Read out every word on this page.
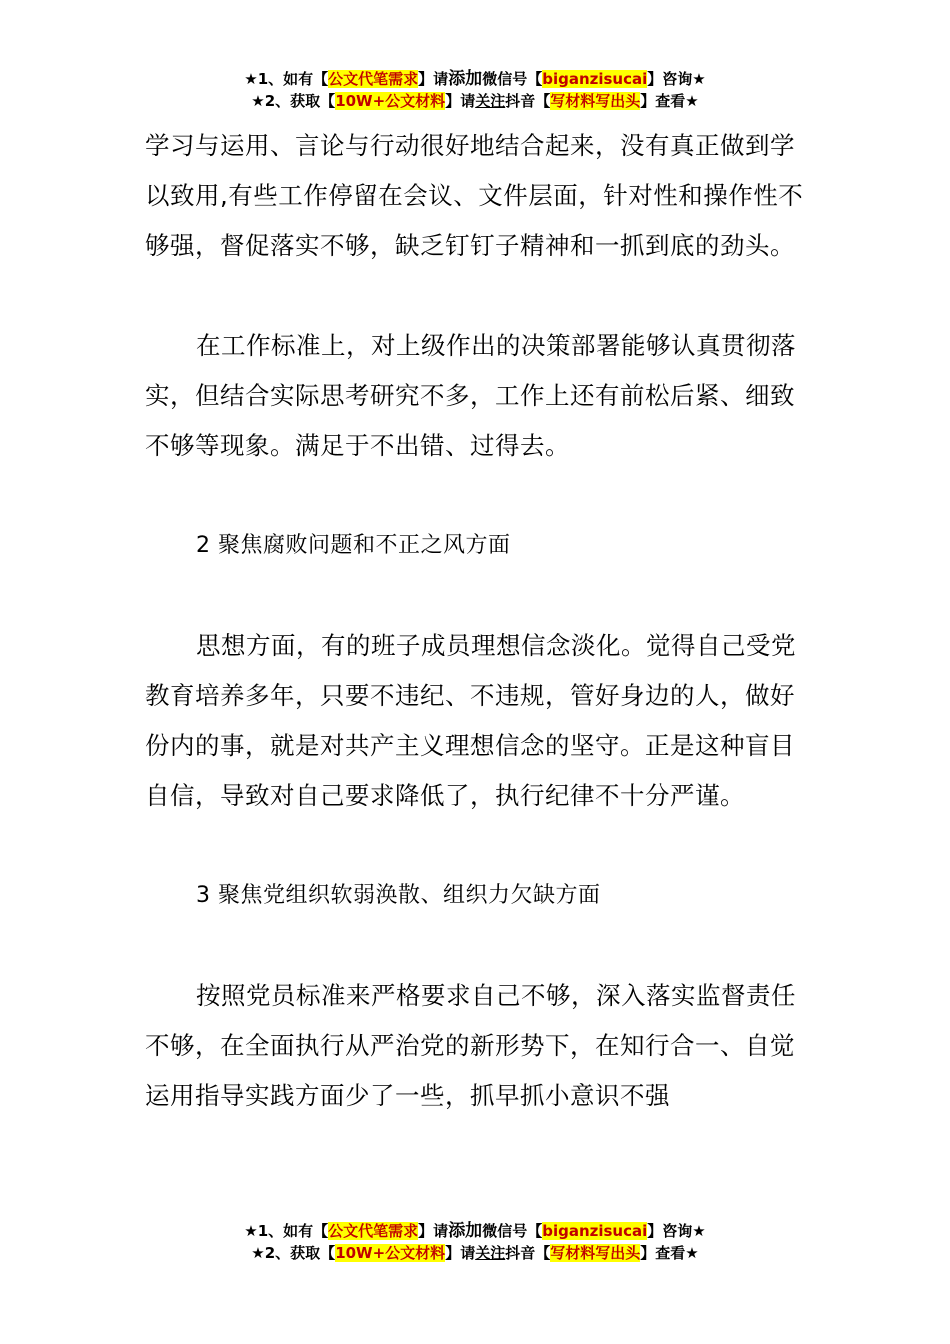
★1、如有【公文代笔需求】请添加微信号【biganzisucai】咨询★
★2、获取【10W+公文材料】请关注抖音【写材料写出头】查看★

学习与运用、言论与行动很好地结合起来，没有真正做到学以致用,有些工作停留在会议、文件层面，针对性和操作性不够强，督促落实不够，缺乏钉钉子精神和一抓到底的劲头。

在工作标准上，对上级作出的决策部署能够认真贯彻落实，但结合实际思考研究不多，工作上还有前松后紧、细致不够等现象。满足于不出错、过得去。

2 聚焦腐败问题和不正之风方面

思想方面，有的班子成员理想信念淡化。觉得自己受党教育培养多年，只要不违纪、不违规，管好身边的人，做好份内的事，就是对共产主义理想信念的坚守。正是这种盲目自信，导致对自己要求降低了，执行纪律不十分严谨。

3 聚焦党组织软弱涣散、组织力欠缺方面

按照党员标准来严格要求自己不够，深入落实监督责任不够，在全面执行从严治党的新形势下，在知行合一、自觉运用指导实践方面少了一些，抓早抓小意识不强

★1、如有【公文代笔需求】请添加微信号【biganzisucai】咨询★
★2、获取【10W+公文材料】请关注抖音【写材料写出头】查看★
